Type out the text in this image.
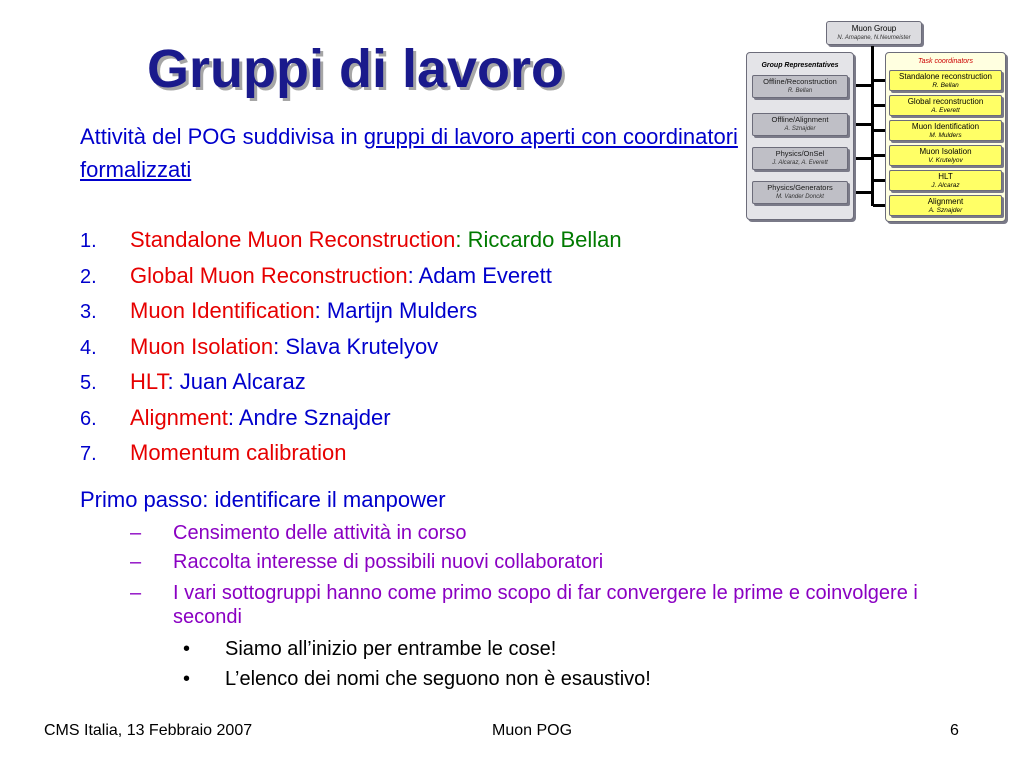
Gruppi di lavoro
Attività del POG suddivisa in gruppi di lavoro aperti con coordinatori formalizzati
1. Standalone Muon Reconstruction: Riccardo Bellan
2. Global Muon Reconstruction: Adam Everett
3. Muon Identification: Martijn Mulders
4. Muon Isolation: Slava Krutelyov
5. HLT: Juan Alcaraz
6. Alignment: Andre Sznajder
7. Momentum calibration
Primo passo: identificare il manpower
– Censimento delle attività in corso
– Raccolta interesse di possibili nuovi collaboratori
– I vari sottogruppi hanno come primo scopo di far convergere le prime e coinvolgere i secondi
• Siamo all’inizio per entrambe le cose!
• L’elenco dei nomi che seguono non è esaustivo!
CMS Italia, 13 Febbraio 2007	Muon POG	6
Muon Group
N. Amapane, N.Neumeister
Group Representatives
Offline/Reconstruction
R. Bellan
Offline/Alignment
A. Sznajder
Physics/OnSel
J. Alcaraz, A. Everett
Physics/Generators
M. Vander Donckt
Task coordinators
Standalone reconstruction
R. Bellan
Global reconstruction
A. Everett
Muon Identification
M. Mulders
Muon Isolation
V. Krutelyov
HLT
J. Alcaraz
Alignment
A. Sznajder
